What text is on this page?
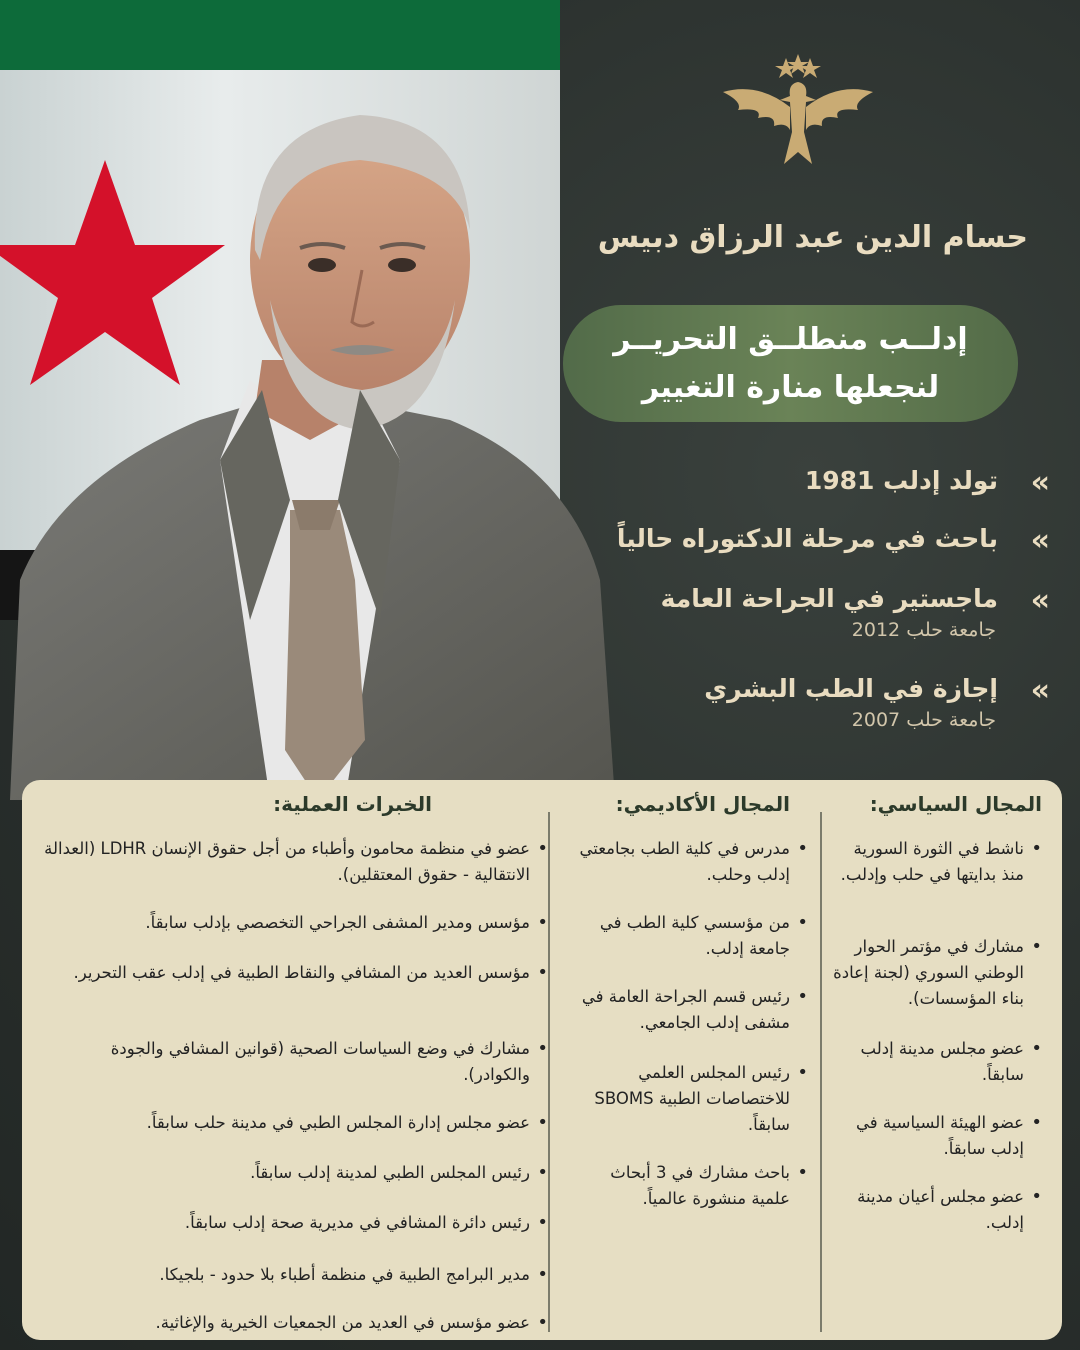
حسام الدين عبد الرزاق دبيس
إدلــب منطلــق التحريــر
لنجعلها منارة التغيير
»
تولد إدلب 1981
»
باحث في مرحلة الدكتوراه حالياً
»
ماجستير في الجراحة العامة
جامعة حلب 2012
»
إجازة في الطب البشري
جامعة حلب 2007
المجال السياسي:
• ناشط في الثورة السورية منذ بدايتها في حلب وإدلب.
• مشارك في مؤتمر الحوار الوطني السوري (لجنة إعادة بناء المؤسسات).
• عضو مجلس مدينة إدلب سابقاً.
• عضو الهيئة السياسية في إدلب سابقاً.
• عضو مجلس أعيان مدينة إدلب.
المجال الأكاديمي:
• مدرس في كلية الطب بجامعتي إدلب وحلب.
• من مؤسسي كلية الطب في جامعة إدلب.
• رئيس قسم الجراحة العامة في مشفى إدلب الجامعي.
• رئيس المجلس العلمي للاختصاصات الطبية SBOMS سابقاً.
• باحث مشارك في 3 أبحاث علمية منشورة عالمياً.
الخبرات العملية:
• عضو في منظمة محامون وأطباء من أجل حقوق الإنسان LDHR (العدالة الانتقالية - حقوق المعتقلين).
• مؤسس ومدير المشفى الجراحي التخصصي بإدلب سابقاً.
• مؤسس العديد من المشافي والنقاط الطبية في إدلب عقب التحرير.
• مشارك في وضع السياسات الصحية (قوانين المشافي والجودة والكوادر).
• عضو مجلس إدارة المجلس الطبي في مدينة حلب سابقاً.
• رئيس المجلس الطبي لمدينة إدلب سابقاً.
• رئيس دائرة المشافي في مديرية صحة إدلب سابقاً.
• مدير البرامج الطبية في منظمة أطباء بلا حدود - بلجيكا.
• عضو مؤسس في العديد من الجمعيات الخيرية والإغاثية.
